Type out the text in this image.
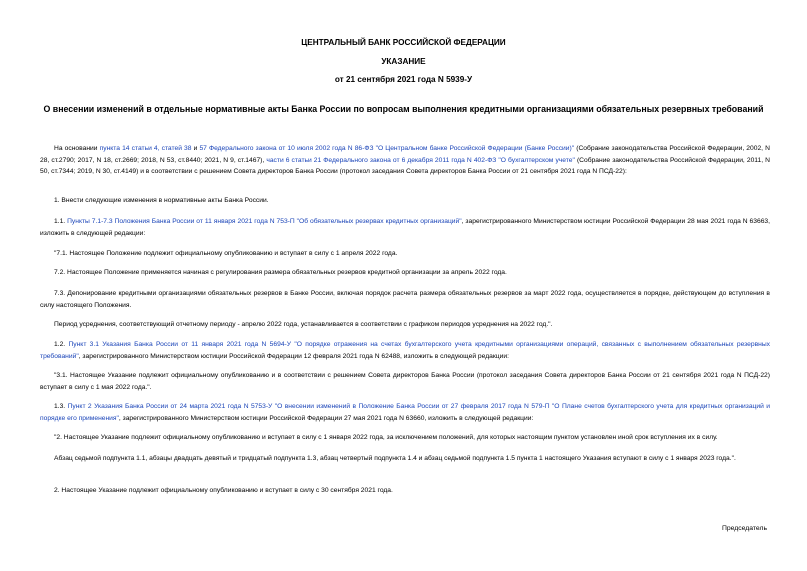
ЦЕНТРАЛЬНЫЙ БАНК РОССИЙСКОЙ ФЕДЕРАЦИИ
УКАЗАНИЕ
от 21 сентября 2021 года N 5939-У
О внесении изменений в отдельные нормативные акты Банка России по вопросам выполнения кредитными организациями обязательных резервных требований

На основании пункта 14 статьи 4, статей 38 и 57 Федерального закона от 10 июля 2002 года N 86-ФЗ "О Центральном банке Российской Федерации (Банке России)" (Собрание законодательства Российской Федерации, 2002, N 28, ст.2790; 2017, N 18, ст.2669; 2018, N 53, ст.8440; 2021, N 9, ст.1467), части 6 статьи 21 Федерального закона от 6 декабря 2011 года N 402-ФЗ "О бухгалтерском учете" (Собрание законодательства Российской Федерации, 2011, N 50, ст.7344; 2019, N 30, ст.4149) и в соответствии с решением Совета директоров Банка России (протокол заседания Совета директоров Банка России от 21 сентября 2021 года N ПСД-22):

1. Внести следующие изменения в нормативные акты Банка России.

1.1. Пункты 7.1-7.3 Положения Банка России от 11 января 2021 года N 753-П "Об обязательных резервах кредитных организаций", зарегистрированного Министерством юстиции Российской Федерации 28 мая 2021 года N 63663, изложить в следующей редакции:

"7.1. Настоящее Положение подлежит официальному опубликованию и вступает в силу с 1 апреля 2022 года.

7.2. Настоящее Положение применяется начиная с регулирования размера обязательных резервов кредитной организации за апрель 2022 года.

7.3. Депонирование кредитными организациями обязательных резервов в Банке России, включая порядок расчета размера обязательных резервов за март 2022 года, осуществляется в порядке, действующем до вступления в силу настоящего Положения.

Период усреднения, соответствующий отчетному периоду - апрелю 2022 года, устанавливается в соответствии с графиком периодов усреднения на 2022 год.".

1.2. Пункт 3.1 Указания Банка России от 11 января 2021 года N 5694-У "О порядке отражения на счетах бухгалтерского учета кредитными организациями операций, связанных с выполнением обязательных резервных требований", зарегистрированного Министерством юстиции Российской Федерации 12 февраля 2021 года N 62488, изложить в следующей редакции:

"3.1. Настоящее Указание подлежит официальному опубликованию и в соответствии с решением Совета директоров Банка России (протокол заседания Совета директоров Банка России от 21 сентября 2021 года N ПСД-22) вступает в силу с 1 мая 2022 года.".

1.3. Пункт 2 Указания Банка России от 24 марта 2021 года N 5753-У "О внесении изменений в Положение Банка России от 27 февраля 2017 года N 579-П "О Плане счетов бухгалтерского учета для кредитных организаций и порядке его применения", зарегистрированного Министерством юстиции Российской Федерации 27 мая 2021 года N 63660, изложить в следующей редакции:

"2. Настоящее Указание подлежит официальному опубликованию и вступает в силу с 1 января 2022 года, за исключением положений, для которых настоящим пунктом установлен иной срок вступления их в силу.

Абзац седьмой подпункта 1.1, абзацы двадцать девятый и тридцатый подпункта 1.3, абзац четвертый подпункта 1.4 и абзац седьмой подпункта 1.5 пункта 1 настоящего Указания вступают в силу с 1 января 2023 года.".

2. Настоящее Указание подлежит официальному опубликованию и вступает в силу с 30 сентября 2021 года.

Председатель
